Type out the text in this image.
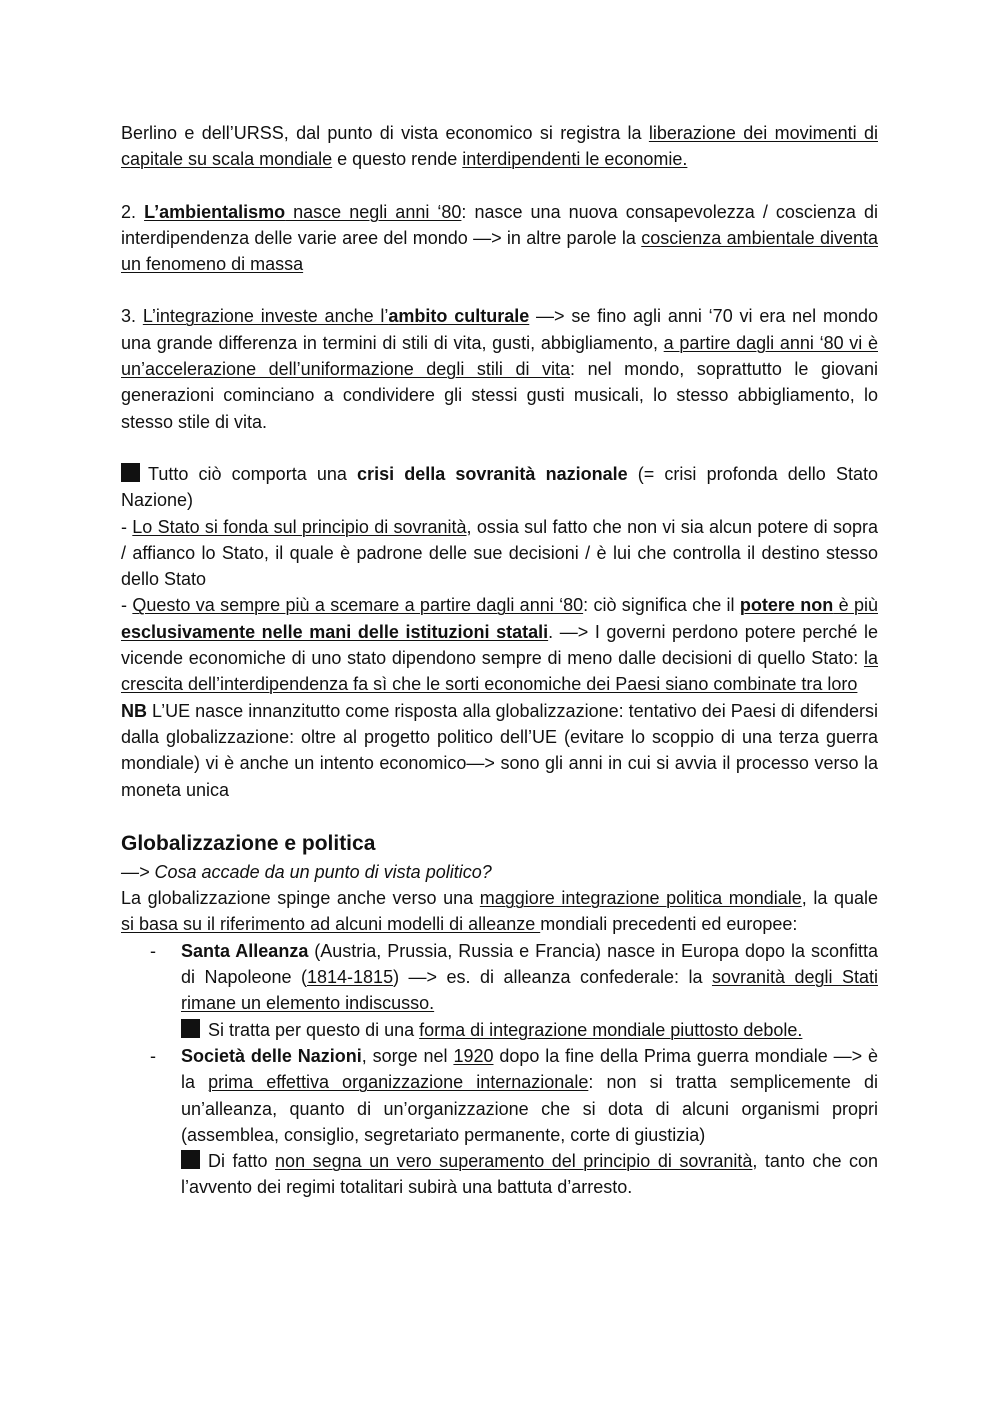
Berlino e dell’URSS, dal punto di vista economico si registra la liberazione dei movimenti di capitale su scala mondiale e questo rende interdipendenti le economie.

2. L’ambientalismo nasce negli anni ‘80: nasce una nuova consapevolezza / coscienza di interdipendenza delle varie aree del mondo —> in altre parole la coscienza ambientale diventa un fenomeno di massa

3. L’integrazione investe anche l’ambito culturale —> se fino agli anni ‘70 vi era nel mondo una grande differenza in termini di stili di vita, gusti, abbigliamento, a partire dagli anni ‘80 vi è un’accelerazione dell’uniformazione degli stili di vita: nel mondo, soprattutto le giovani generazioni cominciano a condividere gli stessi gusti musicali, lo stesso abbigliamento, lo stesso stile di vita.

Tutto ciò comporta una crisi della sovranità nazionale (= crisi profonda dello Stato Nazione)

- Lo Stato si fonda sul principio di sovranità, ossia sul fatto che non vi sia alcun potere di sopra / affianco lo Stato, il quale è padrone delle sue decisioni / è lui che controlla il destino stesso dello Stato

- Questo va sempre più a scemare a partire dagli anni ‘80: ciò significa che il potere non è più esclusivamente nelle mani delle istituzioni statali. —> I governi perdono potere perché le vicende economiche di uno stato dipendono sempre di meno dalle decisioni di quello Stato: la crescita dell’interdipendenza fa sì che le sorti economiche dei Paesi siano combinate tra loro

NB L’UE nasce innanzitutto come risposta alla globalizzazione: tentativo dei Paesi di difendersi dalla globalizzazione: oltre al progetto politico dell’UE (evitare lo scoppio di una terza guerra mondiale) vi è anche un intento economico—> sono gli anni in cui si avvia il processo verso la moneta unica

Globalizzazione e politica

—> Cosa accade da un punto di vista politico?

La globalizzazione spinge anche verso una maggiore integrazione politica mondiale, la quale si basa su il riferimento ad alcuni modelli di alleanze mondiali precedenti ed europee:

- Santa Alleanza (Austria, Prussia, Russia e Francia) nasce in Europa dopo la sconfitta di Napoleone (1814-1815) —> es. di alleanza confederale: la sovranità degli Stati rimane un elemento indiscusso.
Si tratta per questo di una forma di integrazione mondiale piuttosto debole.
- Società delle Nazioni, sorge nel 1920 dopo la fine della Prima guerra mondiale —> è la prima effettiva organizzazione internazionale: non si tratta semplicemente di un’alleanza, quanto di un’organizzazione che si dota di alcuni organismi propri (assemblea, consiglio, segretariato permanente, corte di giustizia)
Di fatto non segna un vero superamento del principio di sovranità, tanto che con l’avvento dei regimi totalitari subirà una battuta d’arresto.
